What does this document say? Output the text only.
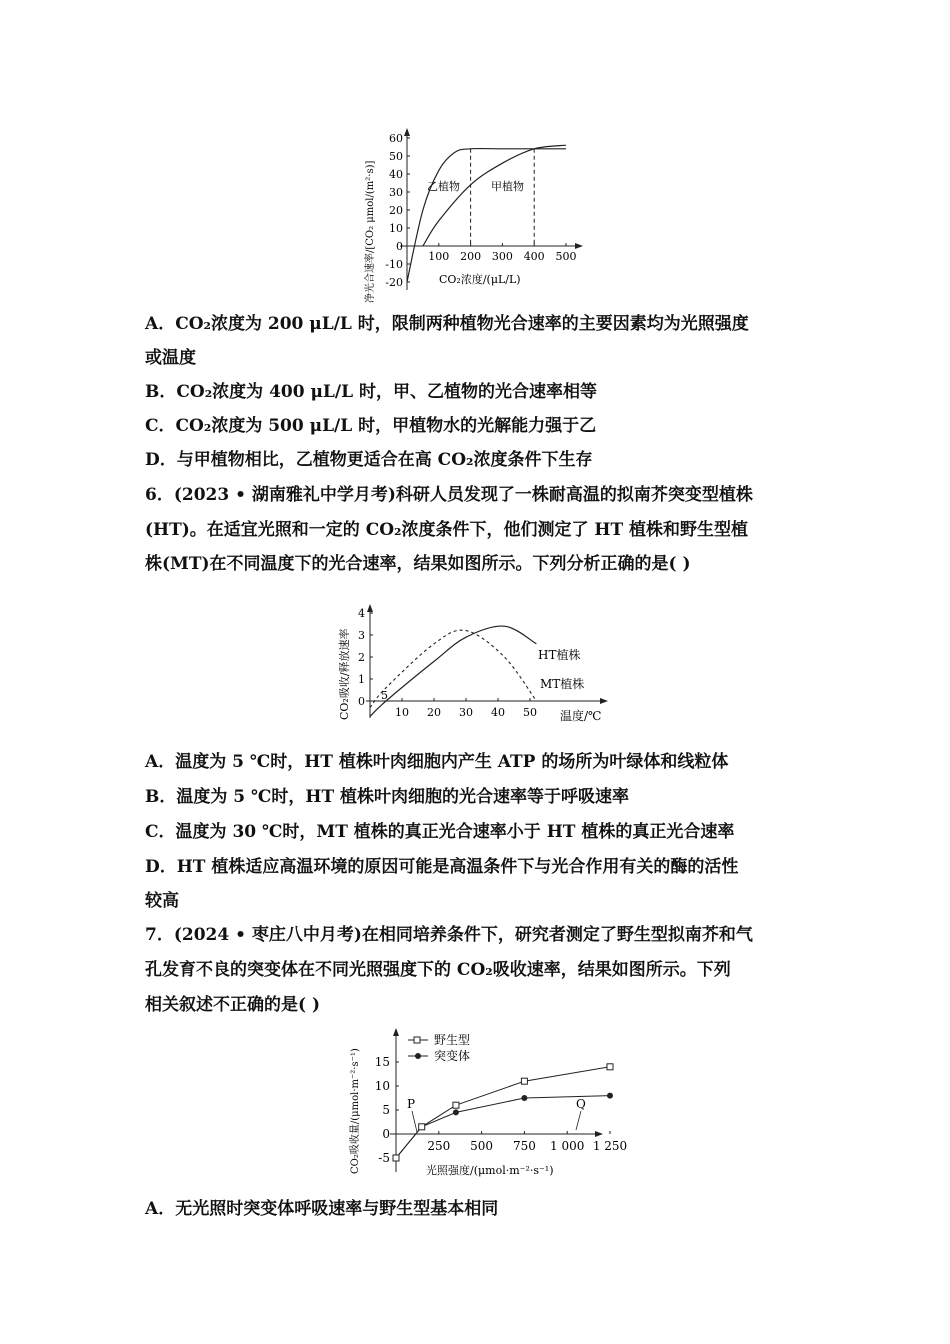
60
50
40
30
20
10
0
-10
-20
100 200 300 400 500
乙植物	甲植物
CO₂浓度/(μL/L)
净光合速率/[CO₂ μmol/(m²·s)]
A．CO₂浓度为 200 μL/L 时，限制两种植物光合速率的主要因素均为光照强度
或温度
B．CO₂浓度为 400 μL/L 时，甲、乙植物的光合速率相等
C．CO₂浓度为 500 μL/L 时，甲植物水的光解能力强于乙
D．与甲植物相比，乙植物更适合在高 CO₂浓度条件下生存
6．(2023 • 湖南雅礼中学月考)科研人员发现了一株耐高温的拟南芥突变型植株
(HT)。在适宜光照和一定的 CO₂浓度条件下，他们测定了 HT 植株和野生型植
株(MT)在不同温度下的光合速率，结果如图所示。下列分析正确的是( )
4
3
2
1
0
10 20 30 40 50
5
HT植株
MT植株
温度/℃
CO₂吸收/释放速率
A．温度为 5 ℃时，HT 植株叶肉细胞内产生 ATP 的场所为叶绿体和线粒体
B．温度为 5 ℃时，HT 植株叶肉细胞的光合速率等于呼吸速率
C．温度为 30 ℃时，MT 植株的真正光合速率小于 HT 植株的真正光合速率
D．HT 植株适应高温环境的原因可能是高温条件下与光合作用有关的酶的活性
较高
7．(2024 • 枣庄八中月考)在相同培养条件下，研究者测定了野生型拟南芥和气
孔发育不良的突变体在不同光照强度下的 CO₂吸收速率，结果如图所示。下列
相关叙述不正确的是( )
15
10
5
0
-5
250 500 750 1 000 1 250
野生型
突变体
P	Q
光照强度/(μmol·m⁻²·s⁻¹)
CO₂吸收量/(μmol·m⁻²·s⁻¹)
A．无光照时突变体呼吸速率与野生型基本相同
